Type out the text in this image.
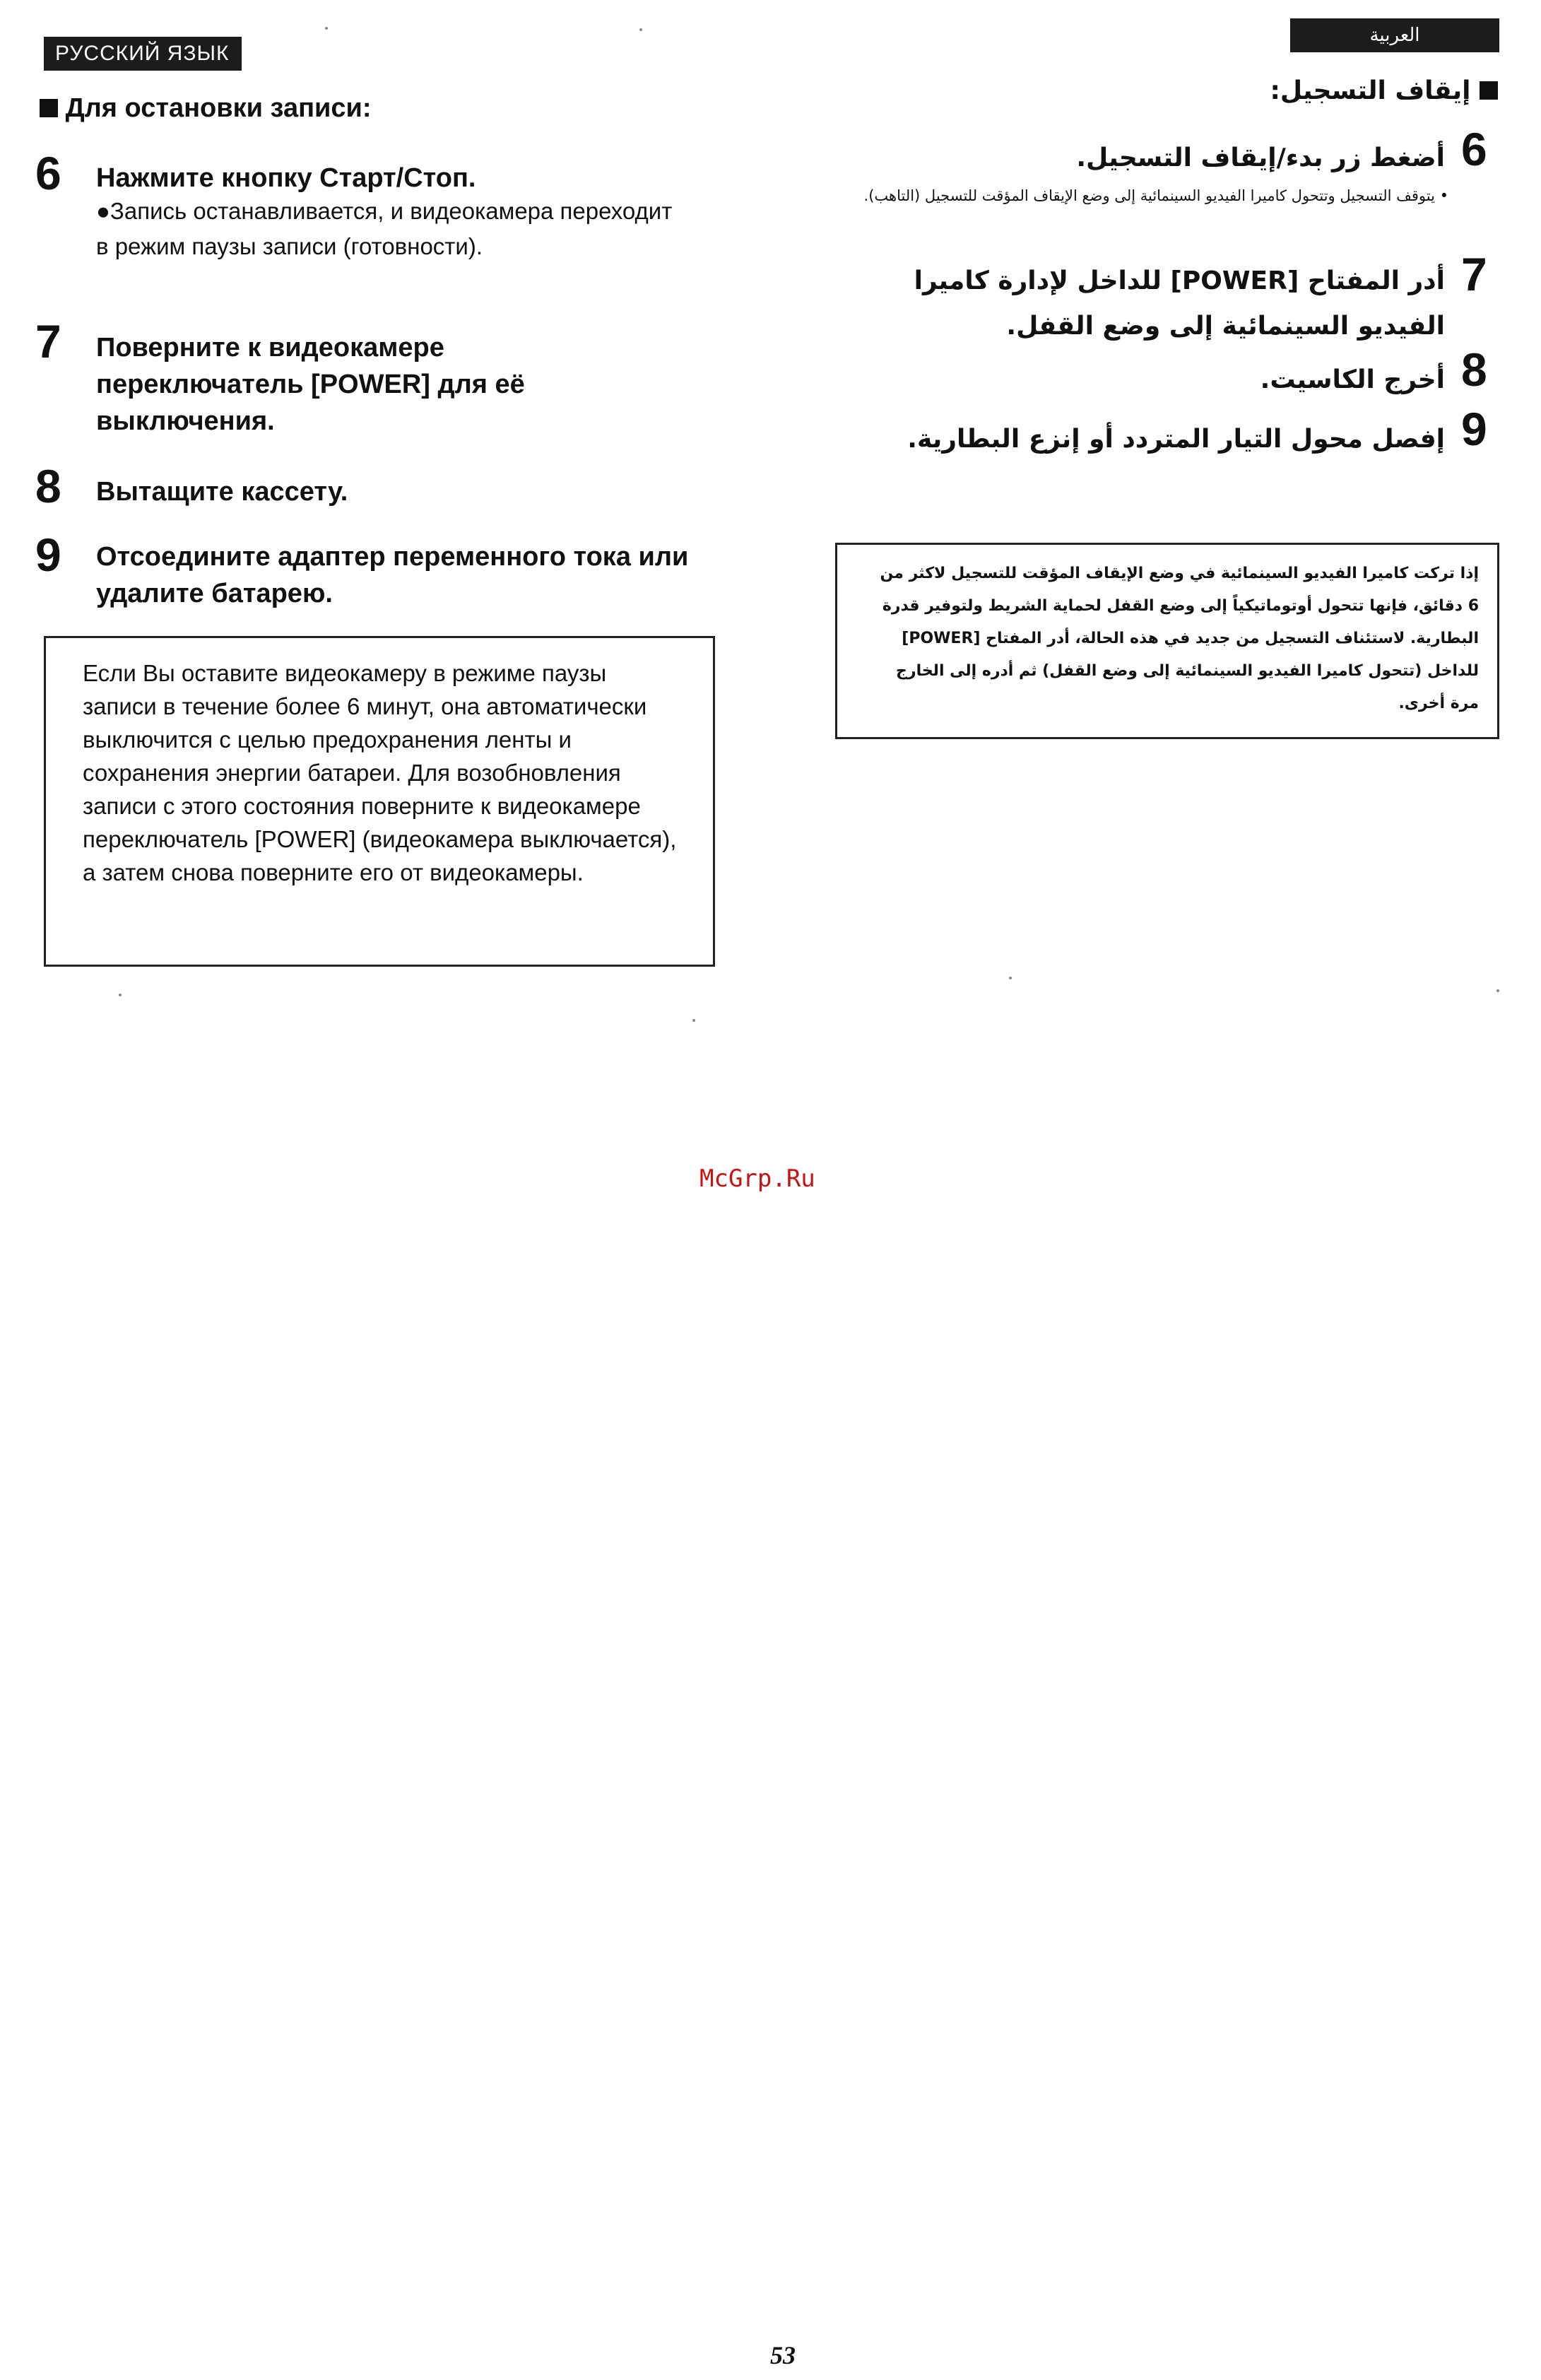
РУССКИЙ ЯЗЫК
Для остановки записи:
6 Нажмите кнопку Старт/Стоп.
●Запись останавливается, и видеокамера переходит в режим паузы записи (готовности).
7 Поверните к видеокамере переключатель [POWER] для её выключения.
8 Вытащите кассету.
9 Отсоедините адаптер переменного тока или удалите батарею.
Если Вы оставите видеокамеру в режиме паузы записи в течение более 6 минут, она автоматически выключится с целью предохранения ленты и сохранения энергии батареи. Для возобновления записи с этого состояния поверните к видеокамере переключатель [POWER] (видеокамера выключается), а затем снова поверните его от видеокамеры.
العربية
إيقاف التسجيل:
6
أضغط زر بدء/إيقاف التسجيل.
• يتوقف التسجيل وتتحول كاميرا الفيديو السينمائية إلى وضع الإيقاف المؤقت للتسجيل (التاهب).
7
أدر المفتاح [POWER] للداخل لإدارة كاميرا الفيديو السينمائية إلى وضع القفل.
8
أخرج الكاسيت.
9
إفصل محول التيار المتردد أو إنزع البطارية.
إذا تركت كاميرا الفيديو السينمائية في وضع الإيقاف المؤقت للتسجيل لاكثر من 6 دقائق، فإنها تتحول أوتوماتيكياً إلى وضع القفل لحماية الشريط ولتوفير قدرة البطارية. لاستئناف التسجيل من جديد في هذه الحالة، أدر المفتاح [POWER] للداخل (تتحول كاميرا الفيديو السينمائية إلى وضع القفل) ثم أدره إلى الخارج مرة أخرى.
McGrp.Ru
53
